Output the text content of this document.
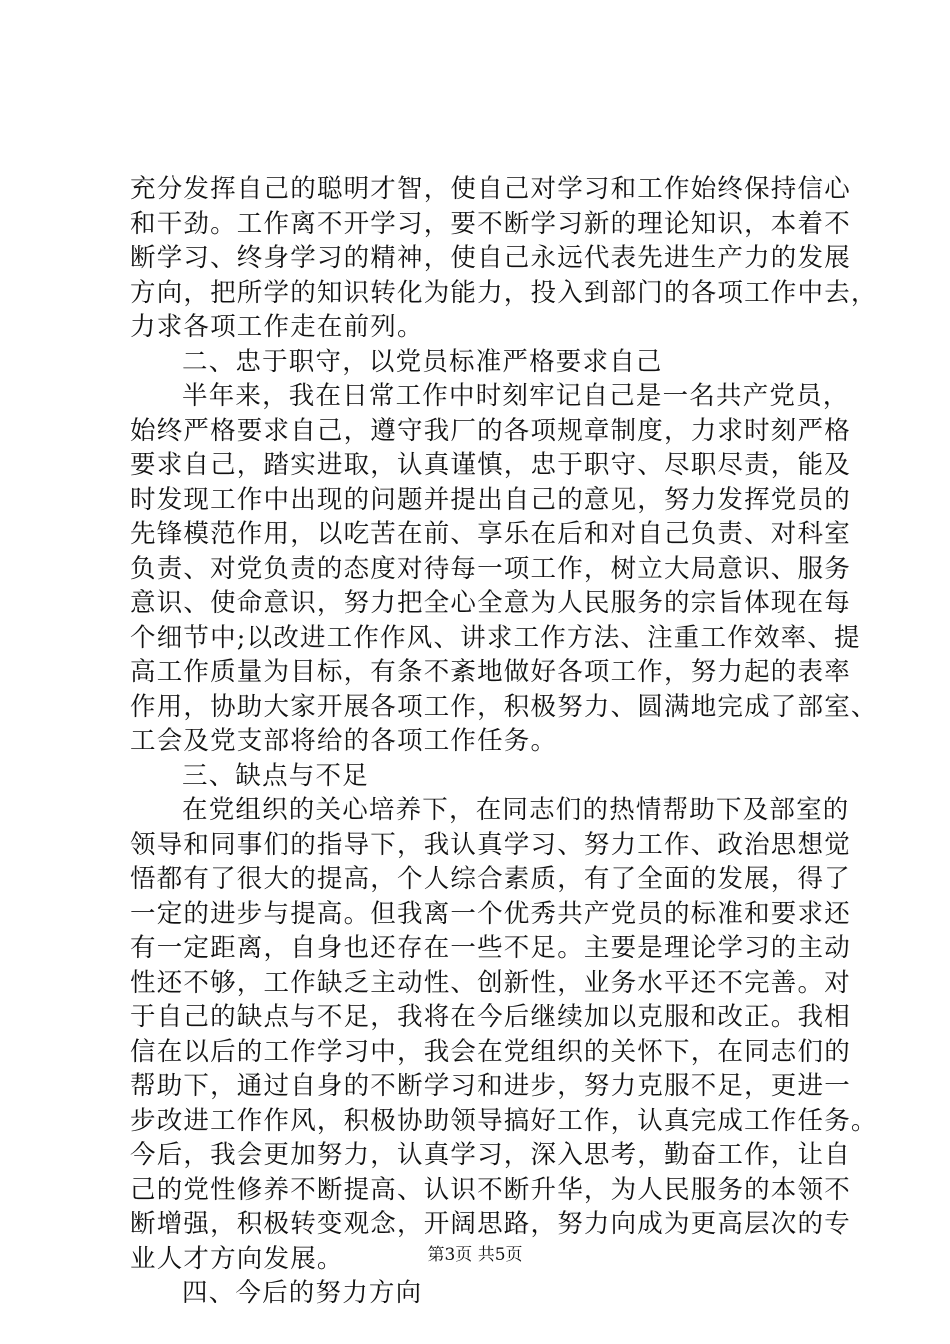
充分发挥自己的聪明才智，使自己对学习和工作始终保持信心
和干劲。工作离不开学习，要不断学习新的理论知识，本着不
断学习、终身学习的精神，使自己永远代表先进生产力的发展
方向，把所学的知识转化为能力，投入到部门的各项工作中去，
力求各项工作走在前列。
二、忠于职守，以党员标准严格要求自己
半年来，我在日常工作中时刻牢记自己是一名共产党员，
始终严格要求自己，遵守我厂的各项规章制度，力求时刻严格
要求自己，踏实进取，认真谨慎，忠于职守、尽职尽责，能及
时发现工作中出现的问题并提出自己的意见，努力发挥党员的
先锋模范作用，以吃苦在前、享乐在后和对自己负责、对科室
负责、对党负责的态度对待每一项工作，树立大局意识、服务
意识、使命意识，努力把全心全意为人民服务的宗旨体现在每
个细节中;以改进工作作风、讲求工作方法、注重工作效率、提
高工作质量为目标，有条不紊地做好各项工作，努力起的表率
作用，协助大家开展各项工作，积极努力、圆满地完成了部室、
工会及党支部将给的各项工作任务。
三、缺点与不足
在党组织的关心培养下，在同志们的热情帮助下及部室的
领导和同事们的指导下，我认真学习、努力工作、政治思想觉
悟都有了很大的提高，个人综合素质，有了全面的发展，得了
一定的进步与提高。但我离一个优秀共产党员的标准和要求还
有一定距离，自身也还存在一些不足。主要是理论学习的主动
性还不够，工作缺乏主动性、创新性，业务水平还不完善。对
于自己的缺点与不足，我将在今后继续加以克服和改正。我相
信在以后的工作学习中，我会在党组织的关怀下，在同志们的
帮助下，通过自身的不断学习和进步，努力克服不足，更进一
步改进工作作风，积极协助领导搞好工作，认真完成工作任务。
今后，我会更加努力，认真学习，深入思考，勤奋工作，让自
己的党性修养不断提高、认识不断升华，为人民服务的本领不
断增强，积极转变观念，开阔思路，努力向成为更高层次的专
业人才方向发展。
四、今后的努力方向
第3页 共5页
